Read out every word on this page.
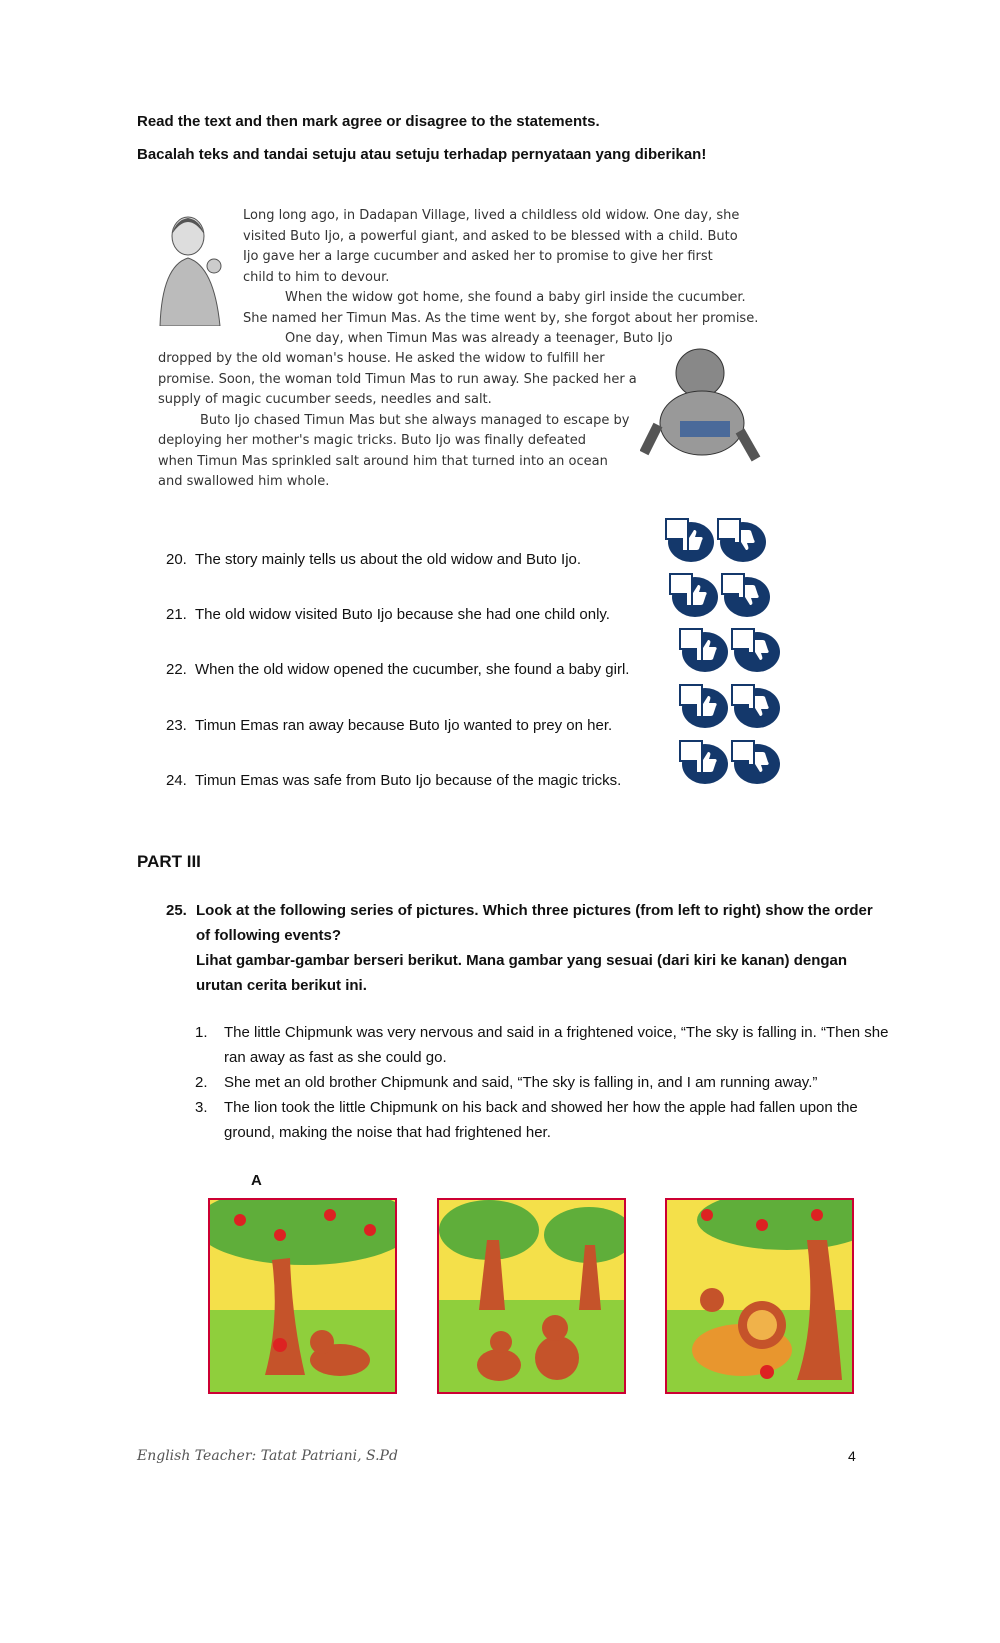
Read the text and then mark agree or disagree to the statements.
Bacalah teks and tandai setuju atau setuju terhadap pernyataan yang diberikan!
Long long ago, in Dadapan Village, lived a childless old widow. One day, she
visited Buto Ijo, a powerful giant, and asked to be blessed with a child. Buto
Ijo gave her a large cucumber and asked her to promise to give her first
child to him to devour.
When the widow got home, she found a baby girl inside the cucumber.
She named her Timun Mas. As the time went by, she forgot about her promise.
One day, when Timun Mas was already a teenager, Buto Ijo
dropped by the old woman's house. He asked the widow to fulfill her
promise. Soon, the woman told Timun Mas to run away. She packed her a
supply of magic cucumber seeds, needles and salt.
Buto Ijo chased Timun Mas but she always managed to escape by
deploying her mother's magic tricks. Buto Ijo was finally defeated
when Timun Mas sprinkled salt around him that turned into an ocean
and swallowed him whole.
20. The story mainly tells us about the old widow and Buto Ijo.
21. The old widow visited Buto Ijo because she had one child only.
22. When the old widow opened the cucumber, she found a baby girl.
23. Timun Emas ran away because Buto Ijo wanted to prey on her.
24. Timun Emas was safe from Buto Ijo because of the magic tricks.
PART III
25. Look at the following series of pictures. Which three pictures (from left to right) show the order of following events?
Lihat gambar-gambar berseri berikut. Mana gambar yang sesuai (dari kiri ke kanan) dengan urutan cerita berikut ini.
1. The little Chipmunk was very nervous and said in a frightened voice, “The sky is falling in. “Then she ran away as fast as she could go.
2. She met an old brother Chipmunk and said, “The sky is falling in, and I am running away.”
3. The lion took the little Chipmunk on his back and showed her how the apple had fallen upon the ground, making the noise that had frightened her.
A
English Teacher: Tatat Patriani, S.Pd	4
